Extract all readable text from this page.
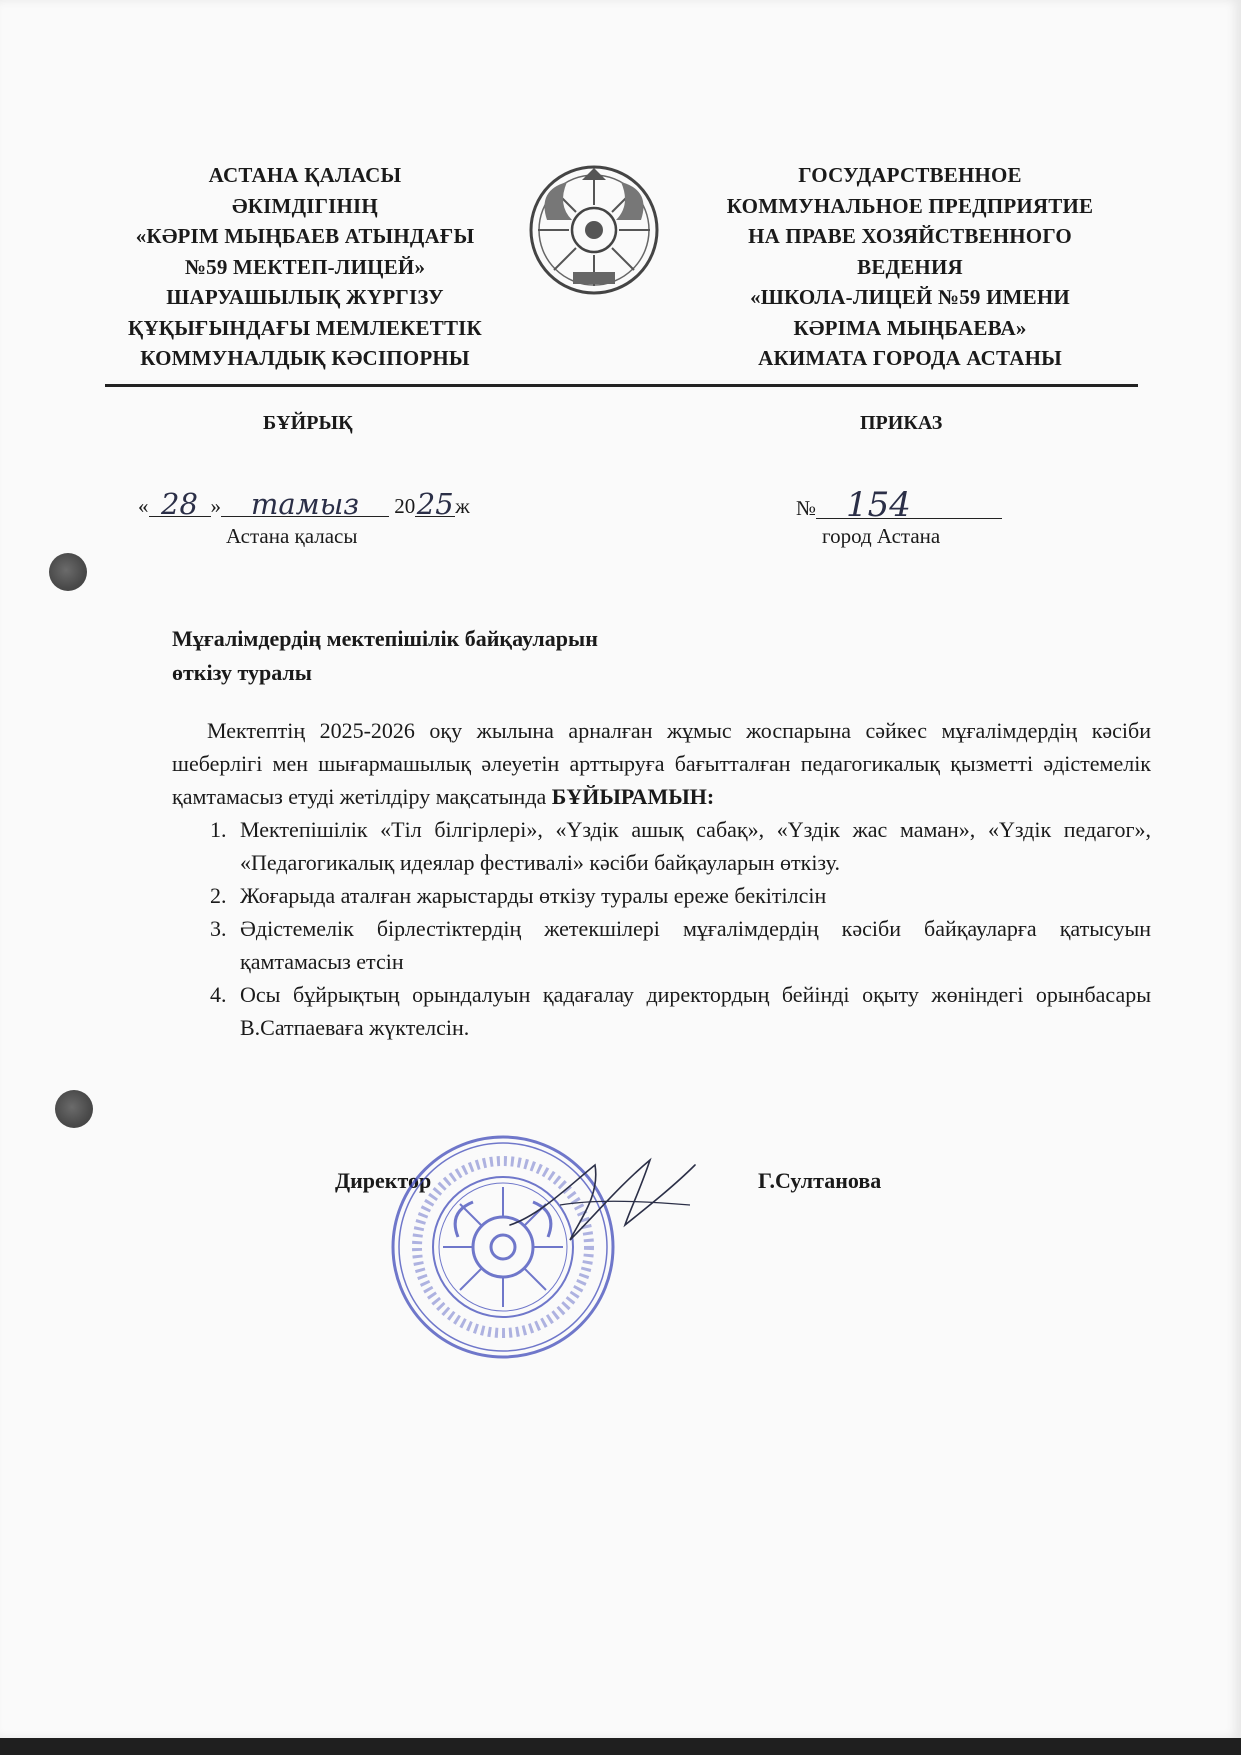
АСТАНА ҚАЛАСЫ
ӘКІМДІГІНІҢ
«КӘРІМ МЫҢБАЕВ АТЫНДАҒЫ
№59 МЕКТЕП-ЛИЦЕЙ»
ШАРУАШЫЛЫҚ ЖҮРГІЗУ
ҚҰҚЫҒЫНДАҒЫ МЕМЛЕКЕТТІК
КОММУНАЛДЫҚ КӘСІПОРНЫ
ГОСУДАРСТВЕННОЕ
КОММУНАЛЬНОЕ ПРЕДПРИЯТИЕ
НА ПРАВЕ ХОЗЯЙСТВЕННОГО
ВЕДЕНИЯ
«ШКОЛА-ЛИЦЕЙ №59 ИМЕНИ
КӘРІМА МЫҢБАЕВА»
АКИМАТА ГОРОДА АСТАНЫ
БҰЙРЫҚ	ПРИКАЗ
« 28 » тамыз 2025ж
Астана қаласы
№ 154
город Астана
Мұғалімдердің мектепішілік байқауларын
өткізу туралы

Мектептің 2025-2026 оқу жылына арналған жұмыс жоспарына сәйкес мұғалімдердің кәсіби шеберлігі мен шығармашылық әлеуетін арттыруға бағытталған педагогикалық қызметті әдістемелік қамтамасыз етуді жетілдіру мақсатында БҰЙЫРАМЫН:

1. Мектепішілік «Тіл білгірлері», «Үздік ашық сабақ», «Үздік жас маман», «Үздік педагог», «Педагогикалық идеялар фестивалі» кәсіби байқауларын өткізу.
2. Жоғарыда аталған жарыстарды өткізу туралы ереже бекітілсін
3. Әдістемелік бірлестіктердің жетекшілері мұғалімдердің кәсіби байқауларға қатысуын қамтамасыз етсін
4. Осы бұйрықтың орындалуын қадағалау директордың бейінді оқыту жөніндегі орынбасары В.Сатпаеваға жүктелсін.
Директор	Г.Султанова
